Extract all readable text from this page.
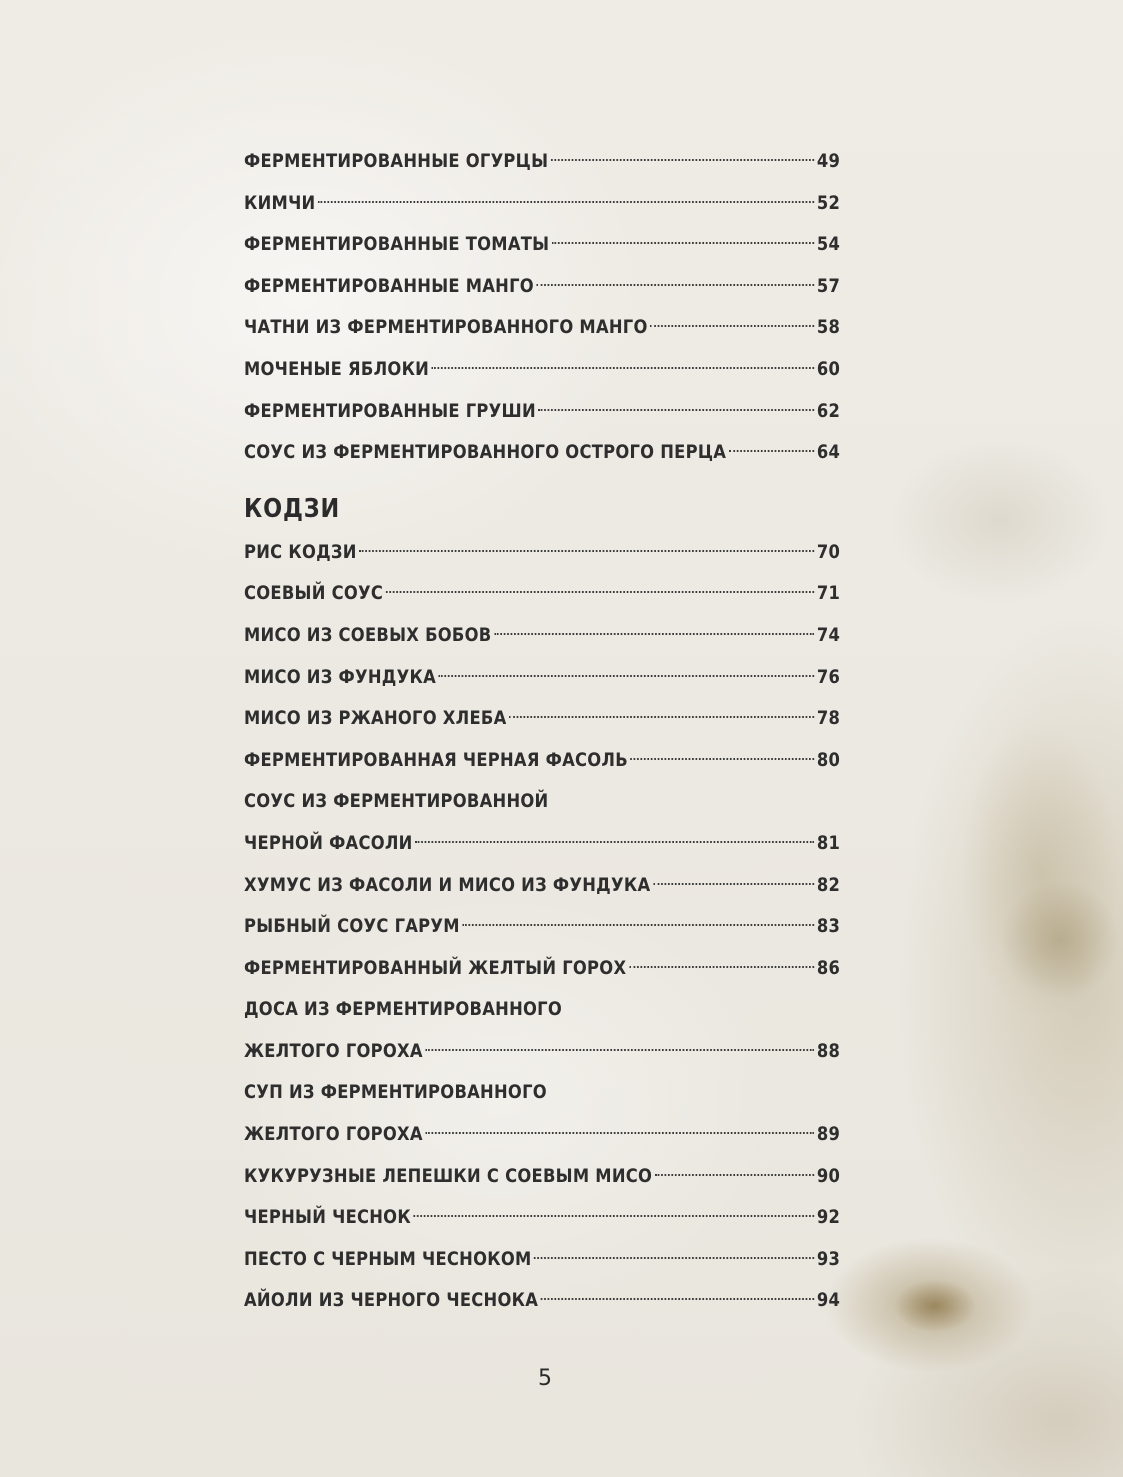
ФЕРМЕНТИРОВАННЫЕ ОГУРЦЫ	49
КИМЧИ	52
ФЕРМЕНТИРОВАННЫЕ ТОМАТЫ	54
ФЕРМЕНТИРОВАННЫЕ МАНГО	57
ЧАТНИ ИЗ ФЕРМЕНТИРОВАННОГО МАНГО	58
МОЧЕНЫЕ ЯБЛОКИ	60
ФЕРМЕНТИРОВАННЫЕ ГРУШИ	62
СОУС ИЗ ФЕРМЕНТИРОВАННОГО ОСТРОГО ПЕРЦА	64
КОДЗИ
РИС КОДЗИ	70
СОЕВЫЙ СОУС	71
МИСО ИЗ СОЕВЫХ БОБОВ	74
МИСО ИЗ ФУНДУКА	76
МИСО ИЗ РЖАНОГО ХЛЕБА	78
ФЕРМЕНТИРОВАННАЯ ЧЕРНАЯ ФАСОЛЬ	80
СОУС ИЗ ФЕРМЕНТИРОВАННОЙ
ЧЕРНОЙ ФАСОЛИ	81
ХУМУС ИЗ ФАСОЛИ И МИСО ИЗ ФУНДУКА	82
РЫБНЫЙ СОУС ГАРУМ	83
ФЕРМЕНТИРОВАННЫЙ ЖЕЛТЫЙ ГОРОХ	86
ДОСА ИЗ ФЕРМЕНТИРОВАННОГО
ЖЕЛТОГО ГОРОХА	88
СУП ИЗ ФЕРМЕНТИРОВАННОГО
ЖЕЛТОГО ГОРОХА	89
КУКУРУЗНЫЕ ЛЕПЕШКИ С СОЕВЫМ МИСО	90
ЧЕРНЫЙ ЧЕСНОК	92
ПЕСТО С ЧЕРНЫМ ЧЕСНОКОМ	93
АЙОЛИ ИЗ ЧЕРНОГО ЧЕСНОКА	94
5
